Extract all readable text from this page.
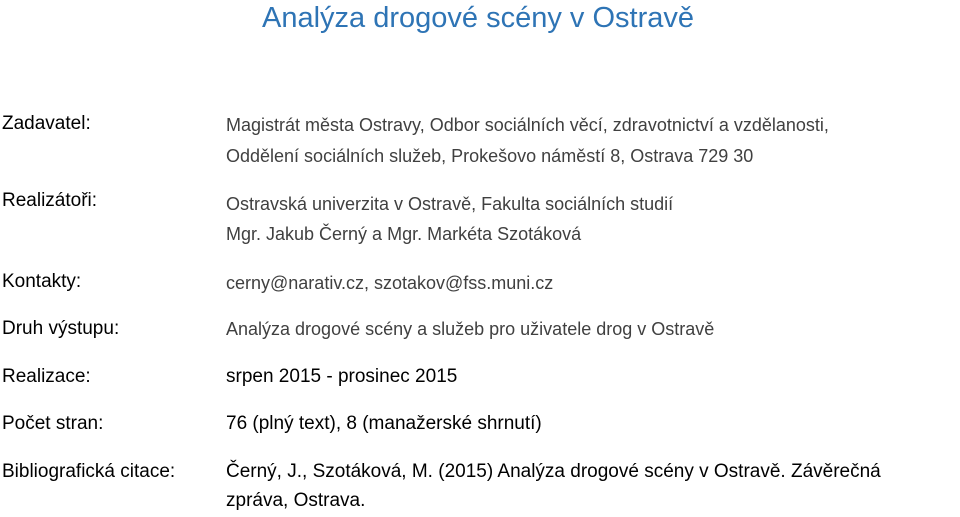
Analýza drogové scény v Ostravě
Zadavatel:	Magistrát města Ostravy, Odbor sociálních věcí, zdravotnictví a vzdělanosti,
Oddělení sociálních služeb, Prokešovo náměstí 8, Ostrava 729 30
Realizátoři:	Ostravská univerzita v Ostravě, Fakulta sociálních studií
Mgr. Jakub Černý a Mgr. Markéta Szotáková
Kontakty:	cerny@narativ.cz, szotakov@fss.muni.cz
Druh výstupu:	Analýza drogové scény a služeb pro uživatele drog v Ostravě
Realizace:	srpen 2015 - prosinec 2015
Počet stran:	76 (plný text), 8 (manažerské shrnutí)
Bibliografická citace:	Černý, J., Szotáková, M. (2015) Analýza drogové scény v Ostravě. Závěrečná
zpráva, Ostrava.
